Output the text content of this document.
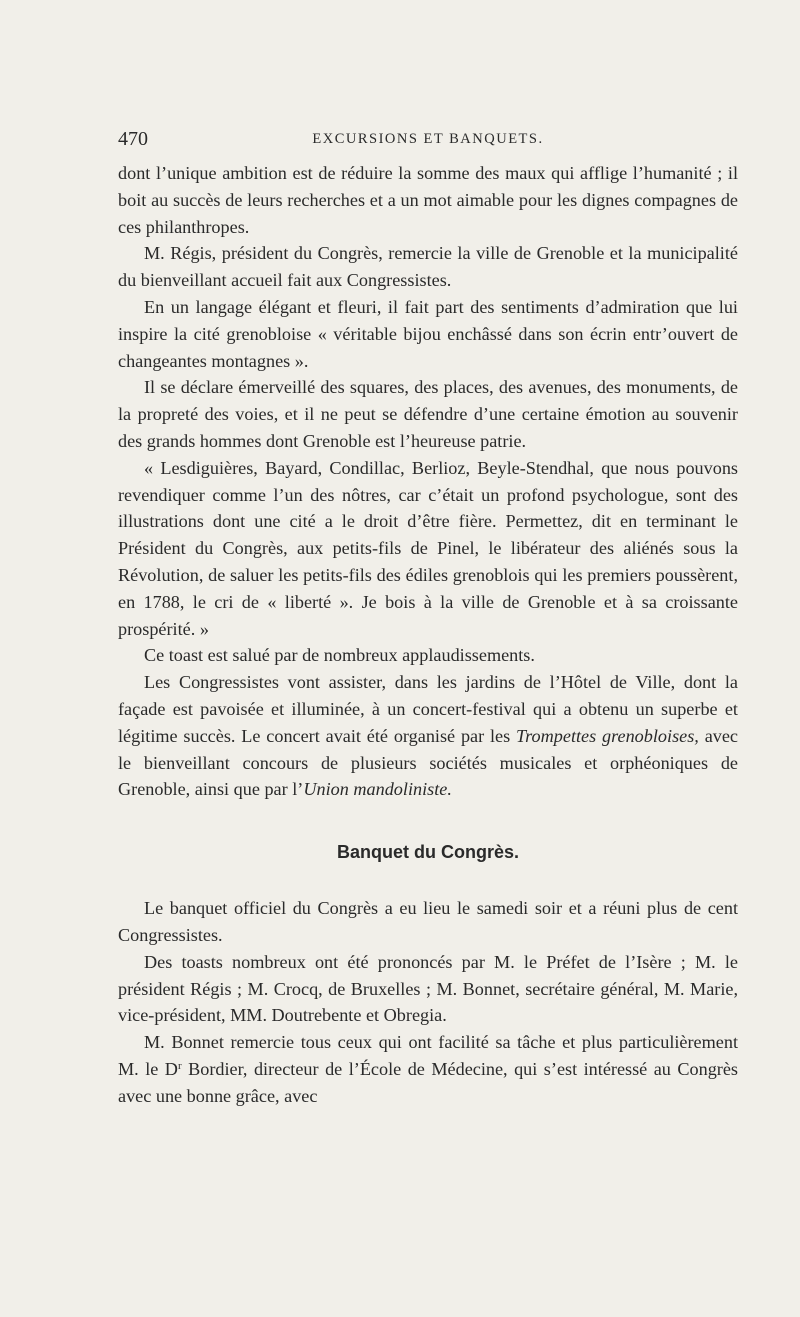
470	EXCURSIONS ET BANQUETS.

dont l’unique ambition est de réduire la somme des maux qui afflige l’humanité ; il boit au succès de leurs recherches et a un mot aimable pour les dignes compagnes de ces philanthropes.

M. Régis, président du Congrès, remercie la ville de Grenoble et la municipalité du bienveillant accueil fait aux Congressistes.

En un langage élégant et fleuri, il fait part des sentiments d’admiration que lui inspire la cité grenobloise « véritable bijou enchâssé dans son écrin entr’ouvert de changeantes montagnes ».

Il se déclare émerveillé des squares, des places, des avenues, des monuments, de la propreté des voies, et il ne peut se défendre d’une certaine émotion au souvenir des grands hommes dont Grenoble est l’heureuse patrie.

« Lesdiguières, Bayard, Condillac, Berlioz, Beyle-Stendhal, que nous pouvons revendiquer comme l’un des nôtres, car c’était un profond psychologue, sont des illustrations dont une cité a le droit d’être fière. Permettez, dit en terminant le Président du Congrès, aux petits-fils de Pinel, le libérateur des aliénés sous la Révolution, de saluer les petits-fils des édiles grenoblois qui les premiers poussèrent, en 1788, le cri de « liberté ». Je bois à la ville de Grenoble et à sa croissante prospérité. »

Ce toast est salué par de nombreux applaudissements.

Les Congressistes vont assister, dans les jardins de l’Hôtel de Ville, dont la façade est pavoisée et illuminée, à un concert-festival qui a obtenu un superbe et légitime succès. Le concert avait été organisé par les Trompettes grenobloises, avec le bienveillant concours de plusieurs sociétés musicales et orphéoniques de Grenoble, ainsi que par l’Union mandoliniste.

Banquet du Congrès.

Le banquet officiel du Congrès a eu lieu le samedi soir et a réuni plus de cent Congressistes.

Des toasts nombreux ont été prononcés par M. le Préfet de l’Isère ; M. le président Régis ; M. Crocq, de Bruxelles ; M. Bonnet, secrétaire général, M. Marie, vice-président, MM. Doutrebente et Obregia.

M. Bonnet remercie tous ceux qui ont facilité sa tâche et plus particulièrement M. le $D^r$ Bordier, directeur de l’École de Médecine, qui s’est intéressé au Congrès avec une bonne grâce, avec
